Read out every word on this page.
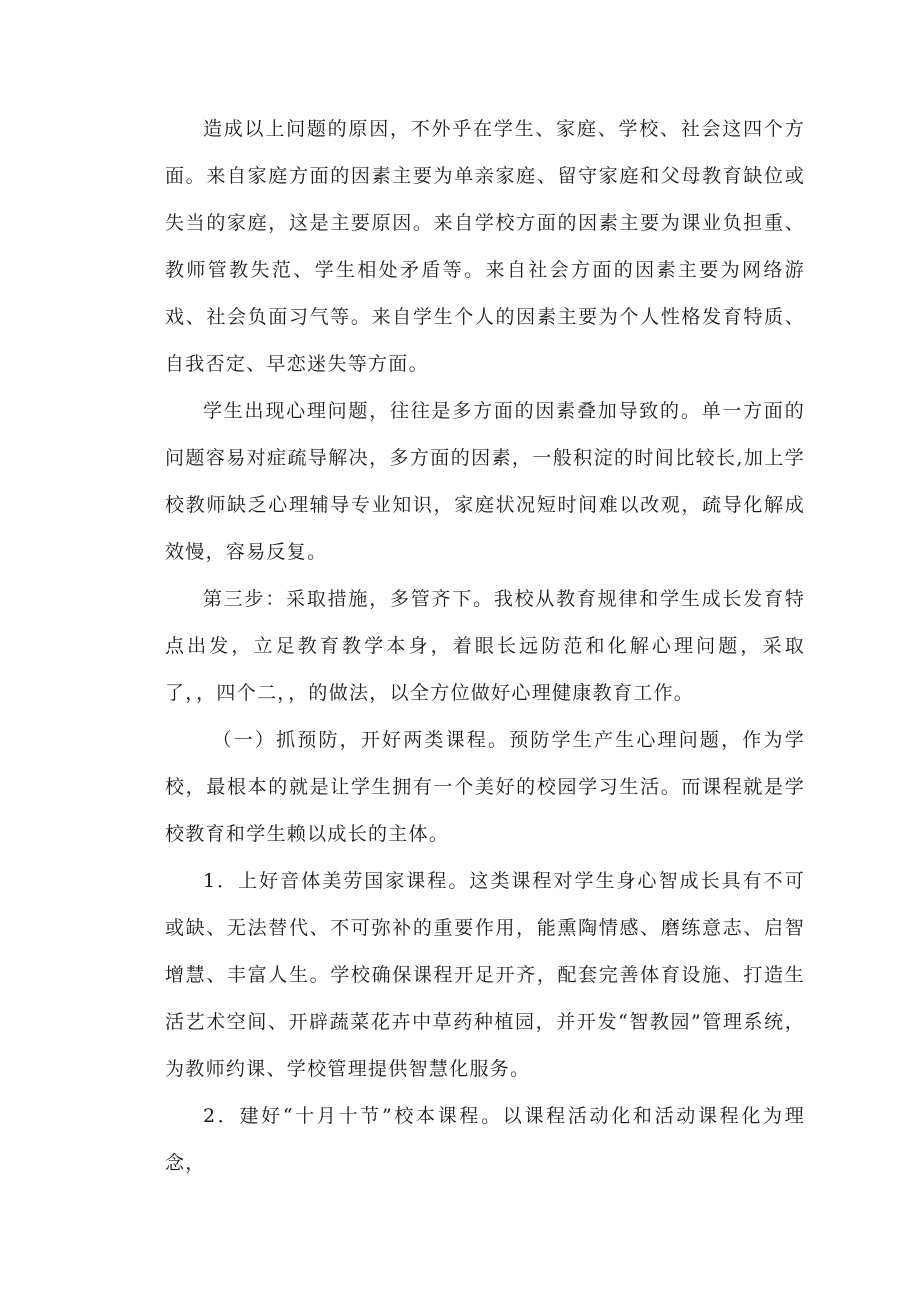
造成以上问题的原因，不外乎在学生、家庭、学校、社会这四个方面。来自家庭方面的因素主要为单亲家庭、留守家庭和父母教育缺位或失当的家庭，这是主要原因。来自学校方面的因素主要为课业负担重、教师管教失范、学生相处矛盾等。来自社会方面的因素主要为网络游戏、社会负面习气等。来自学生个人的因素主要为个人性格发育特质、自我否定、早恋迷失等方面。

学生出现心理问题，往往是多方面的因素叠加导致的。单一方面的问题容易对症疏导解决，多方面的因素，一般积淀的时间比较长,加上学校教师缺乏心理辅导专业知识，家庭状况短时间难以改观，疏导化解成效慢，容易反复。

第三步：采取措施，多管齐下。我校从教育规律和学生成长发育特点出发，立足教育教学本身，着眼长远防范和化解心理问题，采取了，，四个二，，的做法，以全方位做好心理健康教育工作。

（一）抓预防，开好两类课程。预防学生产生心理问题，作为学校，最根本的就是让学生拥有一个美好的校园学习生活。而课程就是学校教育和学生赖以成长的主体。

1．上好音体美劳国家课程。这类课程对学生身心智成长具有不可或缺、无法替代、不可弥补的重要作用，能熏陶情感、磨练意志、启智增慧、丰富人生。学校确保课程开足开齐，配套完善体育设施、打造生活艺术空间、开辟蔬菜花卉中草药种植园，并开发“智教园”管理系统，为教师约课、学校管理提供智慧化服务。

2．建好“十月十节”校本课程。以课程活动化和活动课程化为理念，
